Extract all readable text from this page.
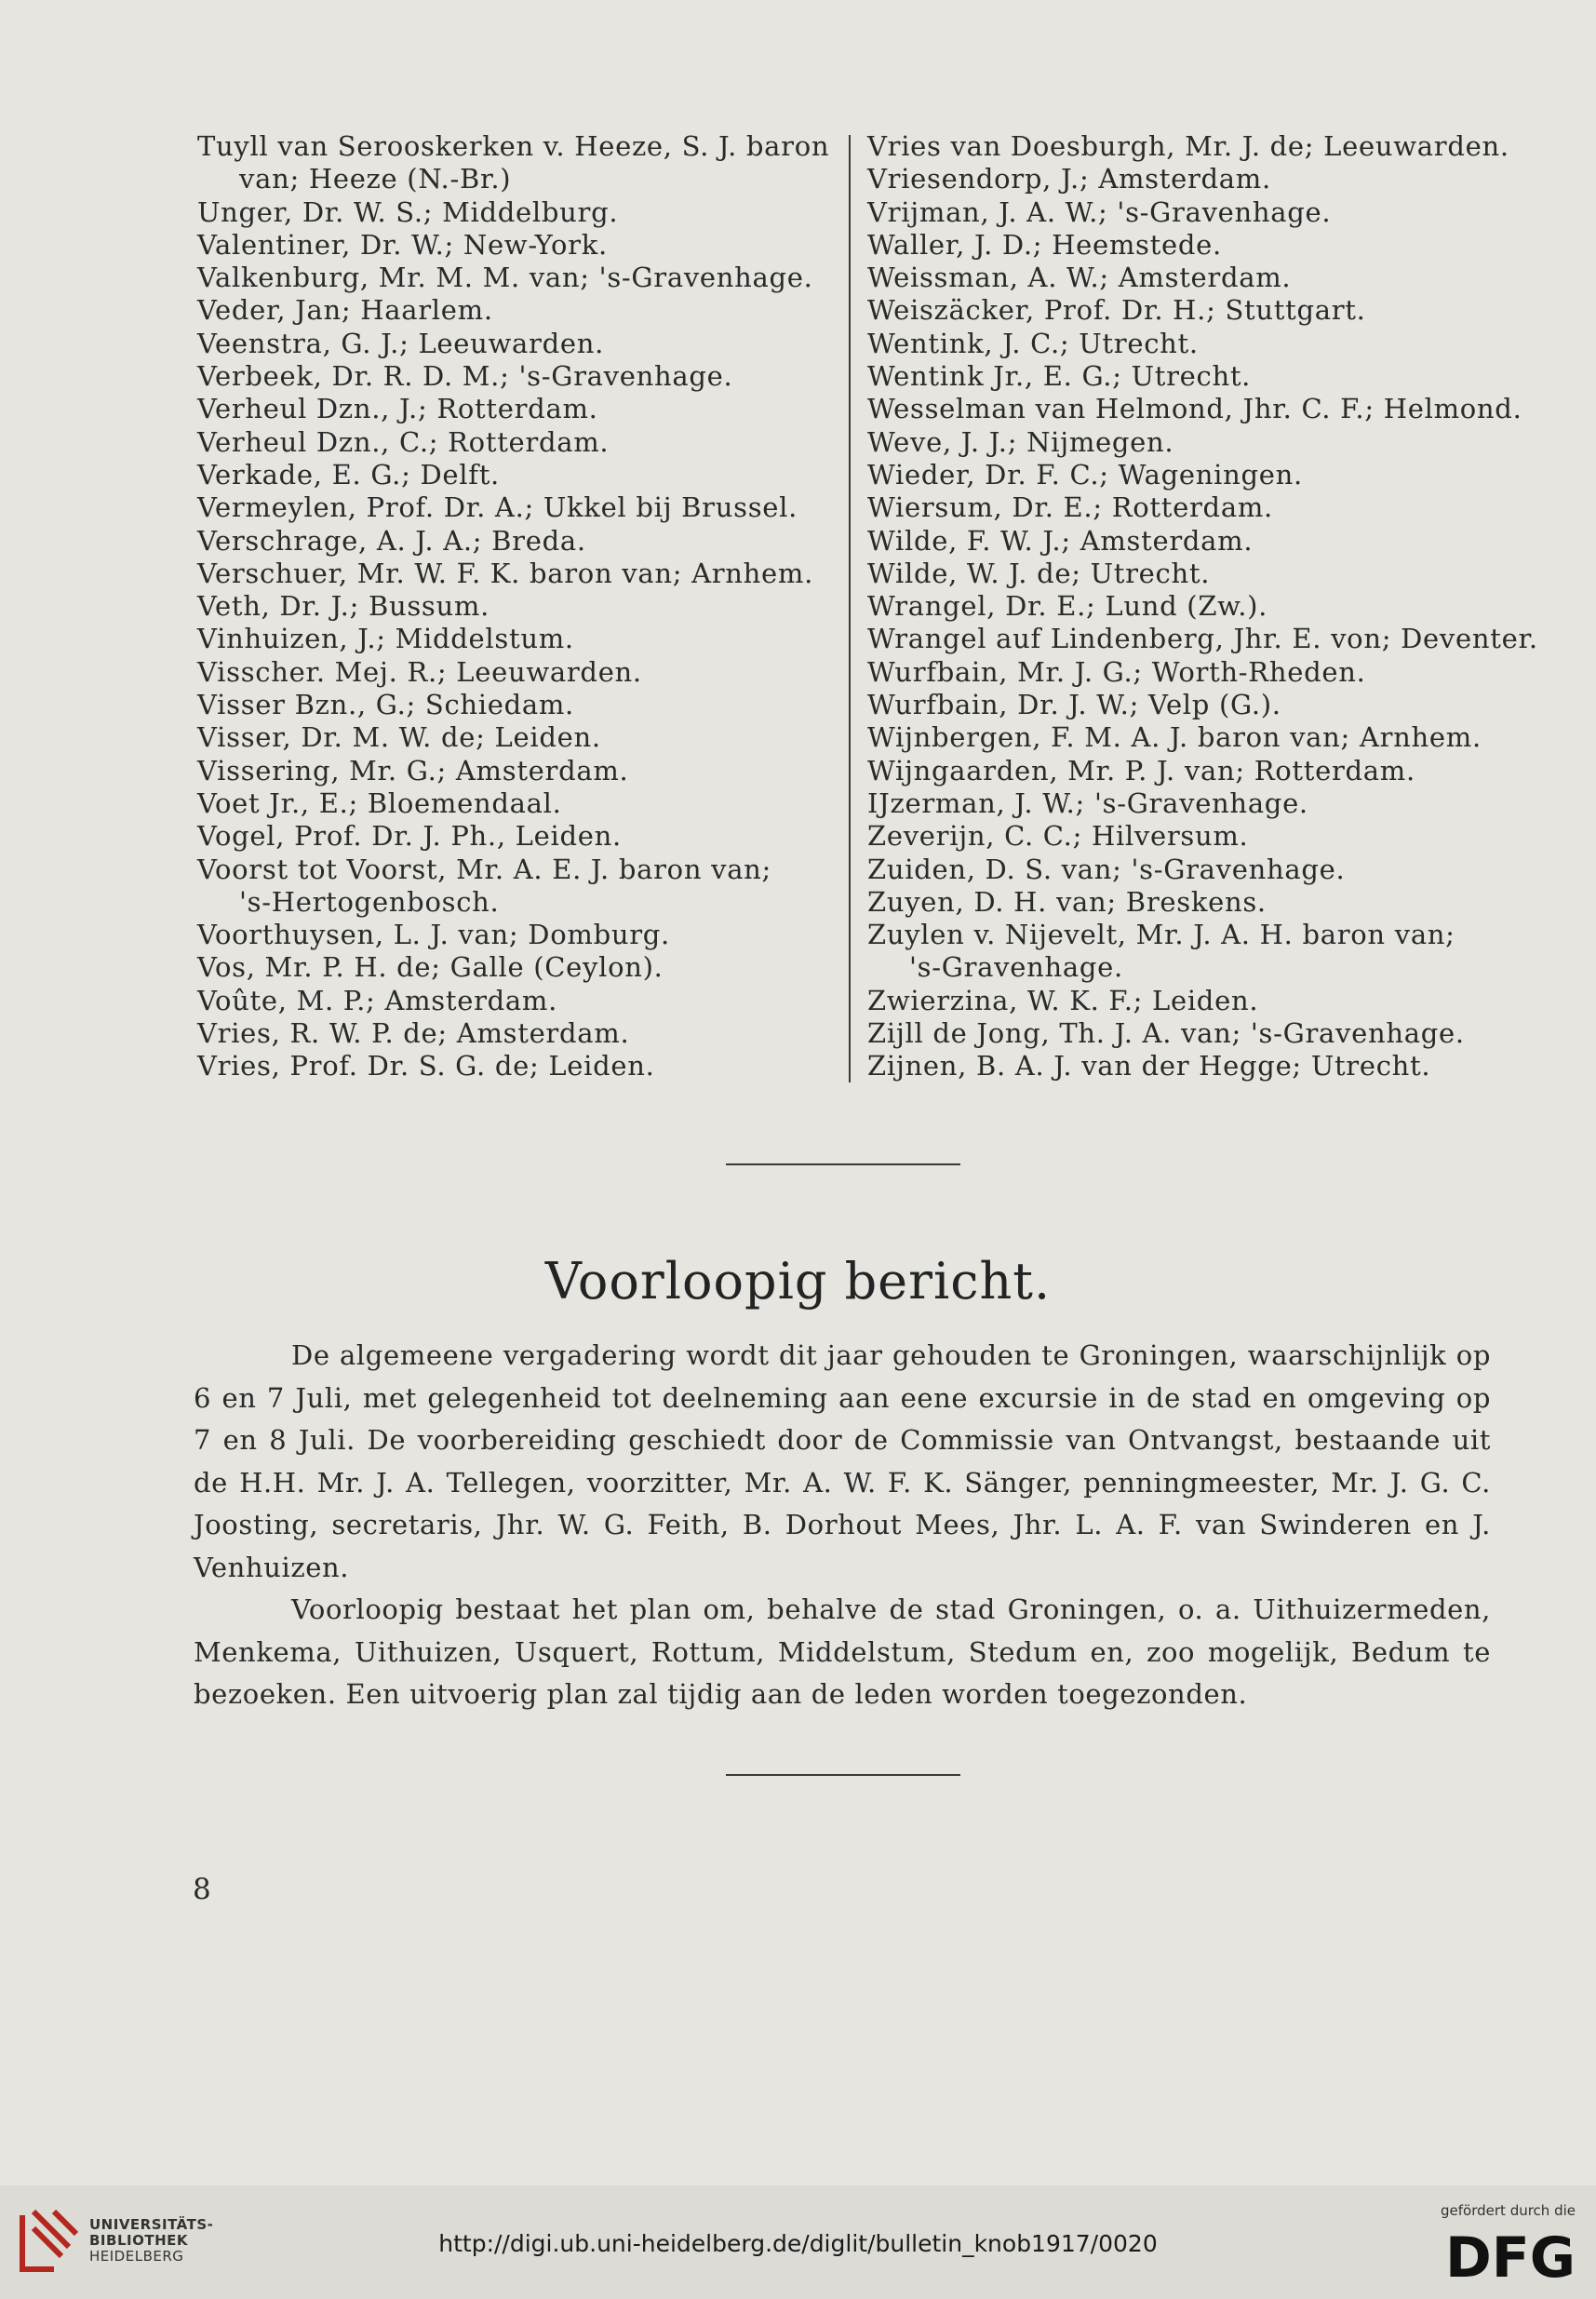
Tuyll van Serooskerken v. Heeze, S. J. baron
van; Heeze (N.-Br.)
Unger, Dr. W. S.; Middelburg.
Valentiner, Dr. W.; New-York.
Valkenburg, Mr. M. M. van; 's-Gravenhage.
Veder, Jan; Haarlem.
Veenstra, G. J.; Leeuwarden.
Verbeek, Dr. R. D. M.; 's-Gravenhage.
Verheul Dzn., J.; Rotterdam.
Verheul Dzn., C.; Rotterdam.
Verkade, E. G.; Delft.
Vermeylen, Prof. Dr. A.; Ukkel bij Brussel.
Verschrage, A. J. A.; Breda.
Verschuer, Mr. W. F. K. baron van; Arnhem.
Veth, Dr. J.; Bussum.
Vinhuizen, J.; Middelstum.
Visscher. Mej. R.; Leeuwarden.
Visser Bzn., G.; Schiedam.
Visser, Dr. M. W. de; Leiden.
Vissering, Mr. G.; Amsterdam.
Voet Jr., E.; Bloemendaal.
Vogel, Prof. Dr. J. Ph., Leiden.
Voorst tot Voorst, Mr. A. E. J. baron van;
's-Hertogenbosch.
Voorthuysen, L. J. van; Domburg.
Vos, Mr. P. H. de; Galle (Ceylon).
Voûte, M. P.; Amsterdam.
Vries, R. W. P. de; Amsterdam.
Vries, Prof. Dr. S. G. de; Leiden.
Vries van Doesburgh, Mr. J. de; Leeuwarden.
Vriesendorp, J.; Amsterdam.
Vrijman, J. A. W.; 's-Gravenhage.
Waller, J. D.; Heemstede.
Weissman, A. W.; Amsterdam.
Weiszäcker, Prof. Dr. H.; Stuttgart.
Wentink, J. C.; Utrecht.
Wentink Jr., E. G.; Utrecht.
Wesselman van Helmond, Jhr. C. F.; Helmond.
Weve, J. J.; Nijmegen.
Wieder, Dr. F. C.; Wageningen.
Wiersum, Dr. E.; Rotterdam.
Wilde, F. W. J.; Amsterdam.
Wilde, W. J. de; Utrecht.
Wrangel, Dr. E.; Lund (Zw.).
Wrangel auf Lindenberg, Jhr. E. von; Deventer.
Wurfbain, Mr. J. G.; Worth-Rheden.
Wurfbain, Dr. J. W.; Velp (G.).
Wijnbergen, F. M. A. J. baron van; Arnhem.
Wijngaarden, Mr. P. J. van; Rotterdam.
IJzerman, J. W.; 's-Gravenhage.
Zeverijn, C. C.; Hilversum.
Zuiden, D. S. van; 's-Gravenhage.
Zuyen, D. H. van; Breskens.
Zuylen v. Nijevelt, Mr. J. A. H. baron van;
's-Gravenhage.
Zwierzina, W. K. F.; Leiden.
Zijll de Jong, Th. J. A. van; 's-Gravenhage.
Zijnen, B. A. J. van der Hegge; Utrecht.
Voorloopig bericht.

De algemeene vergadering wordt dit jaar gehouden te Groningen, waarschijnlijk op 6 en 7 Juli, met gelegenheid tot deelneming aan eene excursie in de stad en omgeving op 7 en 8 Juli. De voorbereiding geschiedt door de Commissie van Ontvangst, bestaande uit de H.H. Mr. J. A. Tellegen, voorzitter, Mr. A. W. F. K. Sänger, penningmeester, Mr. J. G. C. Joosting, secretaris, Jhr. W. G. Feith, B. Dorhout Mees, Jhr. L. A. F. van Swinderen en J. Venhuizen.

Voorloopig bestaat het plan om, behalve de stad Groningen, o. a. Uithuizermeden, Menkema, Uithuizen, Usquert, Rottum, Middelstum, Stedum en, zoo mogelijk, Bedum te bezoeken. Een uitvoerig plan zal tijdig aan de leden worden toegezonden.

8
UNIVERSITÄTS-
BIBLIOTHEK
HEIDELBERG	http://digi.ub.uni-heidelberg.de/diglit/bulletin_knob1917/0020
gefördert durch die
DFG
